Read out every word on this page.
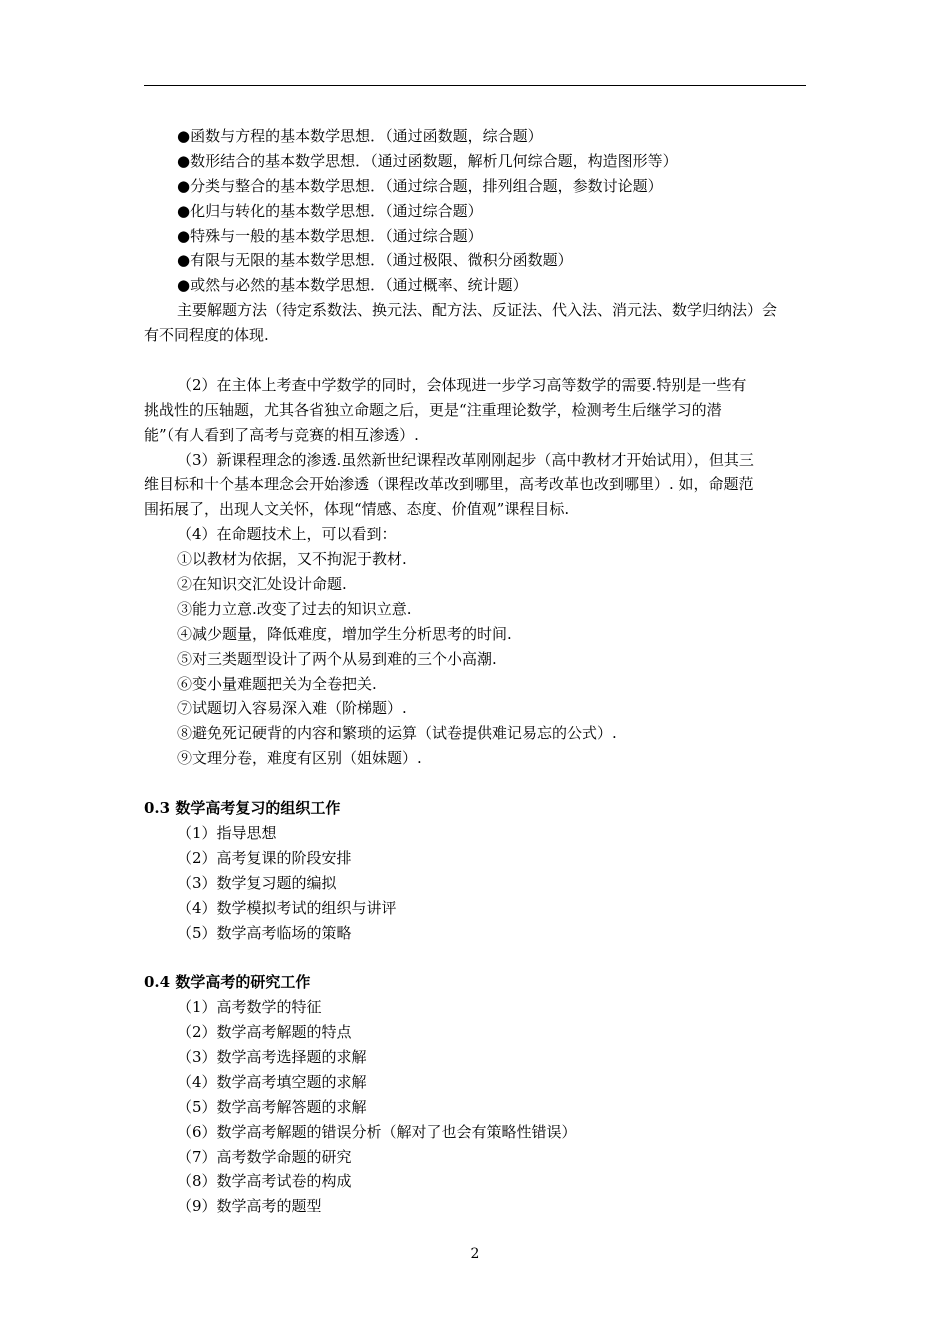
●函数与方程的基本数学思想．（通过函数题，综合题）
●数形结合的基本数学思想．（通过函数题，解析几何综合题，构造图形等）
●分类与整合的基本数学思想．（通过综合题，排列组合题，参数讨论题）
●化归与转化的基本数学思想．（通过综合题）
●特殊与一般的基本数学思想．（通过综合题）
●有限与无限的基本数学思想．（通过极限、微积分函数题）
●或然与必然的基本数学思想．（通过概率、统计题）
主要解题方法（待定系数法、换元法、配方法、反证法、代入法、消元法、数学归纳法）会
有不同程度的体现.
（2）在主体上考查中学数学的同时，会体现进一步学习高等数学的需要.特别是一些有
挑战性的压轴题，尤其各省独立命题之后，更是“注重理论数学，检测考生后继学习的潜
能”（有人看到了高考与竞赛的相互渗透）.
（3）新课程理念的渗透.虽然新世纪课程改革刚刚起步（高中教材才开始试用），但其三
维目标和十个基本理念会开始渗透（课程改革改到哪里，高考改革也改到哪里）. 如，命题范
围拓展了，出现人文关怀，体现“情感、态度、价值观”课程目标.
（4）在命题技术上，可以看到：
①以教材为依据，又不拘泥于教材.
②在知识交汇处设计命题.
③能力立意.改变了过去的知识立意.
④减少题量，降低难度，增加学生分析思考的时间.
⑤对三类题型设计了两个从易到难的三个小高潮.
⑥变小量难题把关为全卷把关.
⑦试题切入容易深入难（阶梯题）.
⑧避免死记硬背的内容和繁琐的运算（试卷提供难记易忘的公式）.
⑨文理分卷，难度有区别（姐妹题）.
0.3 数学高考复习的组织工作
（1）指导思想
（2）高考复课的阶段安排
（3）数学复习题的编拟
（4）数学模拟考试的组织与讲评
（5）数学高考临场的策略
0.4 数学高考的研究工作
（1）高考数学的特征
（2）数学高考解题的特点
（3）数学高考选择题的求解
（4）数学高考填空题的求解
（5）数学高考解答题的求解
（6）数学高考解题的错误分析（解对了也会有策略性错误）
（7）高考数学命题的研究
（8）数学高考试卷的构成
（9）数学高考的题型
2
